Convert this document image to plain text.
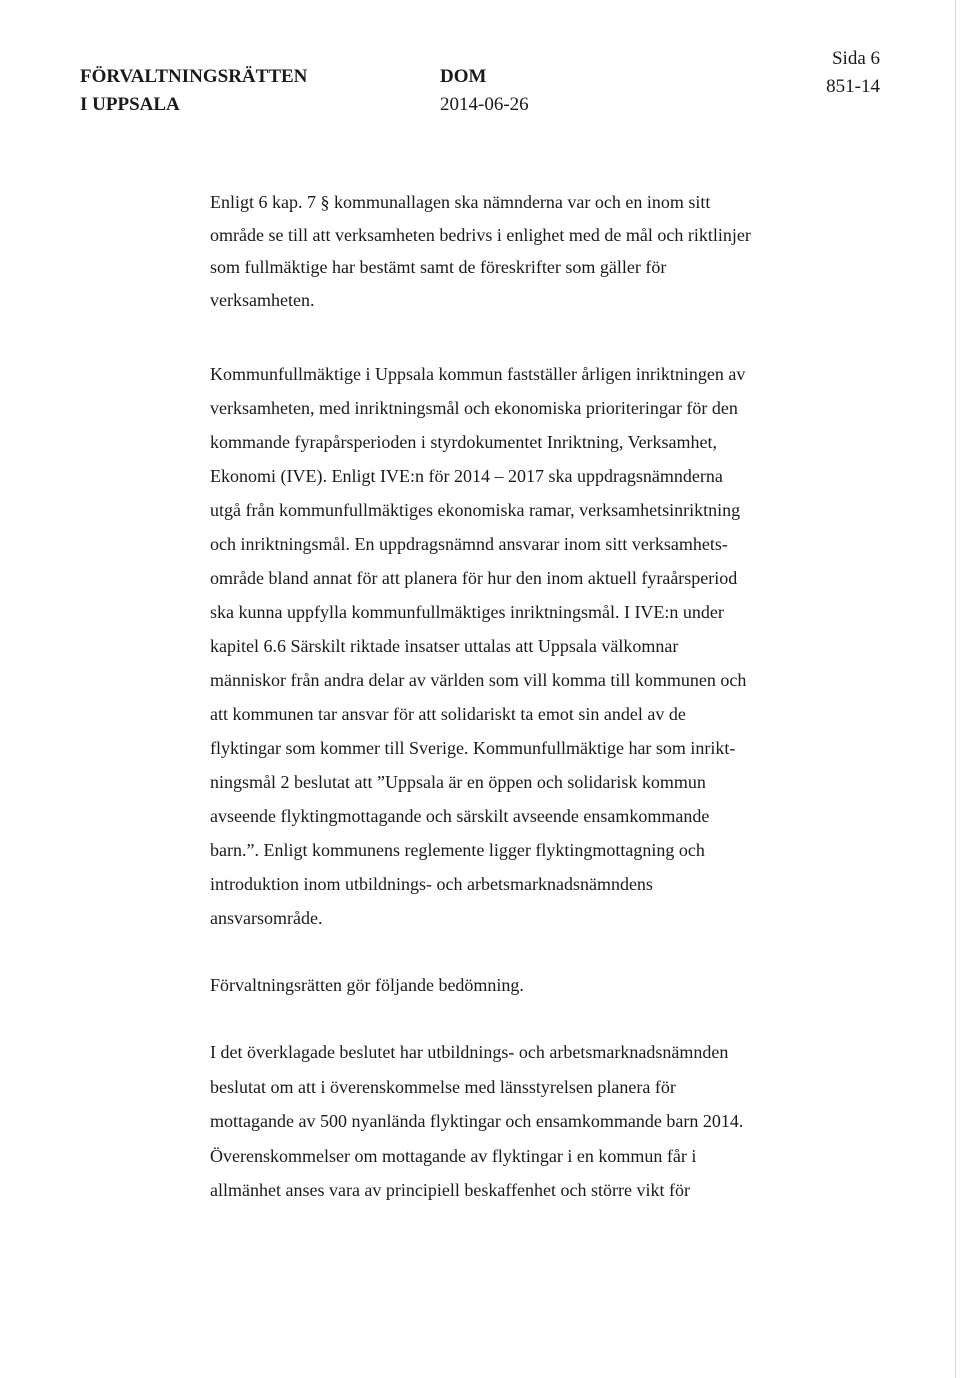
FÖRVALTNINGSRÄTTEN
I UPPSALA
DOM
2014-06-26
Sida 6
851-14
Enligt 6 kap. 7 § kommunallagen ska nämnderna var och en inom sitt
område se till att verksamheten bedrivs i enlighet med de mål och riktlinjer
som fullmäktige har bestämt samt de föreskrifter som gäller för
verksamheten.
Kommunfullmäktige i Uppsala kommun fastställer årligen inriktningen av
verksamheten, med inriktningsmål och ekonomiska prioriteringar för den
kommande fyrapårsperioden i styrdokumentet Inriktning, Verksamhet,
Ekonomi (IVE). Enligt IVE:n för 2014 – 2017 ska uppdragsnämnderna
utgå från kommunfullmäktiges ekonomiska ramar, verksamhetsinriktning
och inriktningsmål. En uppdragsnämnd ansvarar inom sitt verksamhets-
område bland annat för att planera för hur den inom aktuell fyraårsperiod
ska kunna uppfylla kommunfullmäktiges inriktningsmål. I IVE:n under
kapitel 6.6 Särskilt riktade insatser uttalas att Uppsala välkomnar
människor från andra delar av världen som vill komma till kommunen och
att kommunen tar ansvar för att solidariskt ta emot sin andel av de
flyktingar som kommer till Sverige. Kommunfullmäktige har som inrikt-
ningsmål 2 beslutat att ”Uppsala är en öppen och solidarisk kommun
avseende flyktingmottagande och särskilt avseende ensamkommande
barn.”. Enligt kommunens reglemente ligger flyktingmottagning och
introduktion inom utbildnings- och arbetsmarknadsnämndens
ansvarsområde.
Förvaltningsrätten gör följande bedömning.
I det överklagade beslutet har utbildnings- och arbetsmarknadsnämnden
beslutat om att i överenskommelse med länsstyrelsen planera för
mottagande av 500 nyanlända flyktingar och ensamkommande barn 2014.
Överenskommelser om mottagande av flyktingar i en kommun får i
allmänhet anses vara av principiell beskaffenhet och större vikt för
